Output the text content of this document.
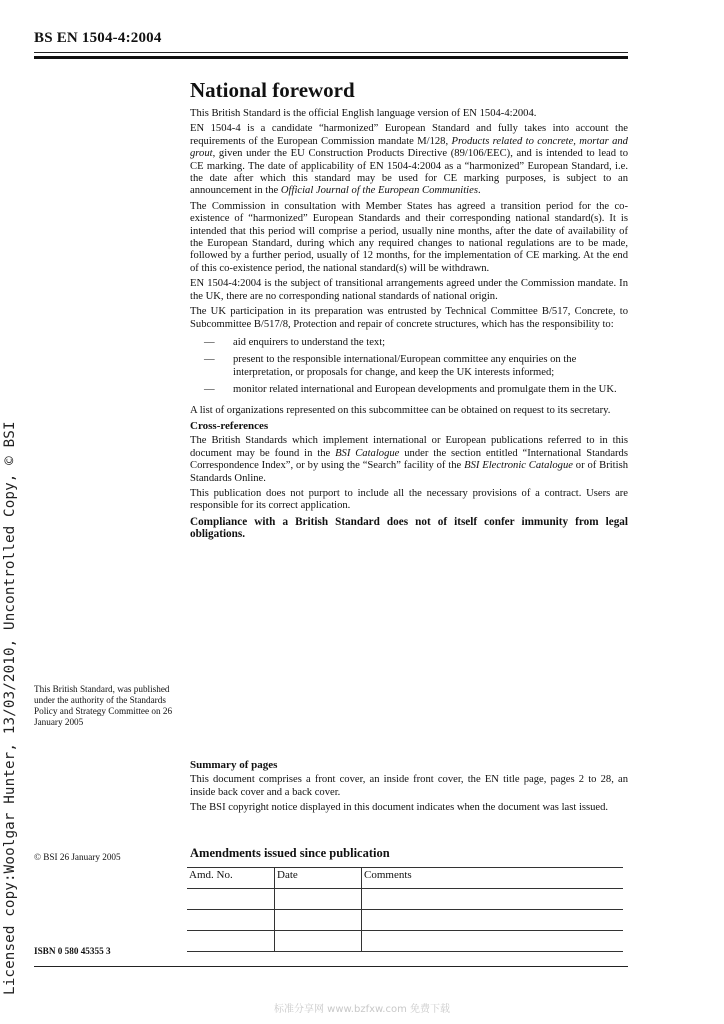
BS EN 1504-4:2004
Licensed copy:Woolgar Hunter, 13/03/2010, Uncontrolled Copy, © BSI
National foreword

This British Standard is the official English language version of EN 1504-4:2004.

EN 1504-4 is a candidate “harmonized” European Standard and fully takes into account the requirements of the European Commission mandate M/128, Products related to concrete, mortar and grout, given under the EU Construction Products Directive (89/106/EEC), and is intended to lead to CE marking. The date of applicability of EN 1504-4:2004 as a “harmonized” European Standard, i.e. the date after which this standard may be used for CE marking purposes, is subject to an announcement in the Official Journal of the European Communities.

The Commission in consultation with Member States has agreed a transition period for the co-existence of “harmonized” European Standards and their corresponding national standard(s). It is intended that this period will comprise a period, usually nine months, after the date of availability of the European Standard, during which any required changes to national regulations are to be made, followed by a further period, usually of 12 months, for the implementation of CE marking. At the end of this co-existence period, the national standard(s) will be withdrawn.

EN 1504-4:2004 is the subject of transitional arrangements agreed under the Commission mandate. In the UK, there are no corresponding national standards of national origin.

The UK participation in its preparation was entrusted by Technical Committee B/517, Concrete, to Subcommittee B/517/8, Protection and repair of concrete structures, which has the responsibility to:

— aid enquirers to understand the text;
— present to the responsible international/European committee any enquiries on the interpretation, or proposals for change, and keep the UK interests informed;
— monitor related international and European developments and promulgate them in the UK.

A list of organizations represented on this subcommittee can be obtained on request to its secretary.

Cross-references

The British Standards which implement international or European publications referred to in this document may be found in the BSI Catalogue under the section entitled “International Standards Correspondence Index”, or by using the “Search” facility of the BSI Electronic Catalogue or of British Standards Online.

This publication does not purport to include all the necessary provisions of a contract. Users are responsible for its correct application.

Compliance with a British Standard does not of itself confer immunity from legal obligations.

This British Standard, was published under the authority of the Standards Policy and Strategy Committee on 26 January 2005
Summary of pages

This document comprises a front cover, an inside front cover, the EN title page, pages 2 to 28, an inside back cover and a back cover.

The BSI copyright notice displayed in this document indicates when the document was last issued.

© BSI 26 January 2005
ISBN 0 580 45355 3
Amendments issued since publication
Amd. No.	Date	Comments

标准分享网 www.bzfxw.com 免费下载
